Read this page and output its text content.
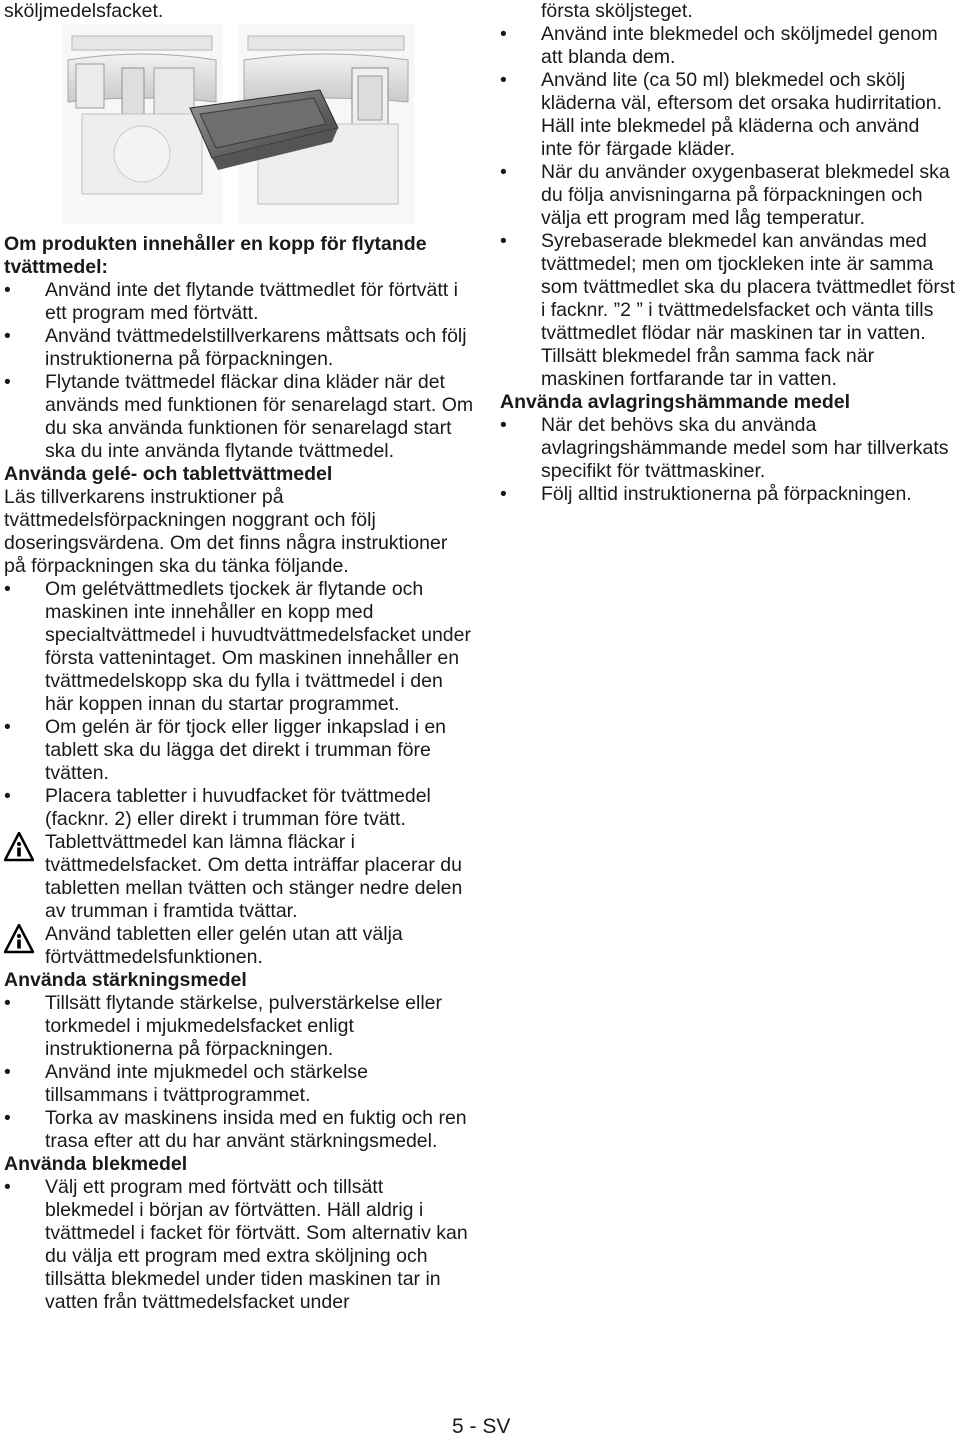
sköljmedelsfacket.

Om produkten innehåller en kopp för flytande tvättmedel:

• Använd inte det flytande tvättmedlet för förtvätt i ett program med förtvätt.

• Använd tvättmedelstillverkarens måttsats och följ instruktionerna på förpackningen.

• Flytande tvättmedel fläckar dina kläder när det används med funktionen för senarelagd start. Om du ska använda funktionen för senarelagd start ska du inte använda flytande tvättmedel.

Använda gelé- och tablettvättmedel

Läs tillverkarens instruktioner på tvättmedelsförpackningen noggrant och följ doseringsvärdena. Om det finns några instruktioner på förpackningen ska du tänka följande.

• Om gelétvättmedlets tjockek är flytande och maskinen inte innehåller en kopp med specialtvättmedel i huvudtvättmedelsfacket under första vattenintaget. Om maskinen innehåller en tvättmedelskopp ska du fylla i tvättmedel i den här koppen innan du startar programmet.

• Om gelén är för tjock eller ligger inkapslad i en tablett ska du lägga det direkt i trumman före tvätten.

• Placera tabletter i huvudfacket för tvättmedel (facknr. 2) eller direkt i trumman före tvätt.

Tablettvättmedel kan lämna fläckar i tvättmedelsfacket. Om detta inträffar placerar du tabletten mellan tvätten och stänger nedre delen av trumman i framtida tvättar.

Använd tabletten eller gelén utan att välja förtvättmedelsfunktionen.

Använda stärkningsmedel

• Tillsätt flytande stärkelse, pulverstärkelse eller torkmedel i mjukmedelsfacket enligt instruktionerna på förpackningen.

• Använd inte mjukmedel och stärkelse tillsammans i tvättprogrammet.

• Torka av maskinens insida med en fuktig och ren trasa efter att du har använt stärkningsmedel.

Använda blekmedel

• Välj ett program med förtvätt och tillsätt blekmedel i början av förtvätten. Häll aldrig i tvättmedel i facket för förtvätt. Som alternativ kan du välja ett program med extra sköljning och tillsätta blekmedel under tiden maskinen tar in vatten från tvättmedelsfacket under

första sköljsteget.

• Använd inte blekmedel och sköljmedel genom att blanda dem.

• Använd lite (ca 50 ml) blekmedel och skölj kläderna väl, eftersom det orsaka hudirritation. Häll inte blekmedel på kläderna och använd inte för färgade kläder.

• När du använder oxygenbaserat blekmedel ska du följa anvisningarna på förpackningen och välja ett program med låg temperatur.

• Syrebaserade blekmedel kan användas med tvättmedel; men om tjockleken inte är samma som tvättmedlet ska du placera tvättmedlet först i facknr. ”2 ” i tvättmedelsfacket och vänta tills tvättmedlet flödar när maskinen tar in vatten. Tillsätt blekmedel från samma fack när maskinen fortfarande tar in vatten.

Använda avlagringshämmande medel

• När det behövs ska du använda avlagringshämmande medel som har tillverkats specifikt för tvättmaskiner.

• Följ alltid instruktionerna på förpackningen.

5 - SV
